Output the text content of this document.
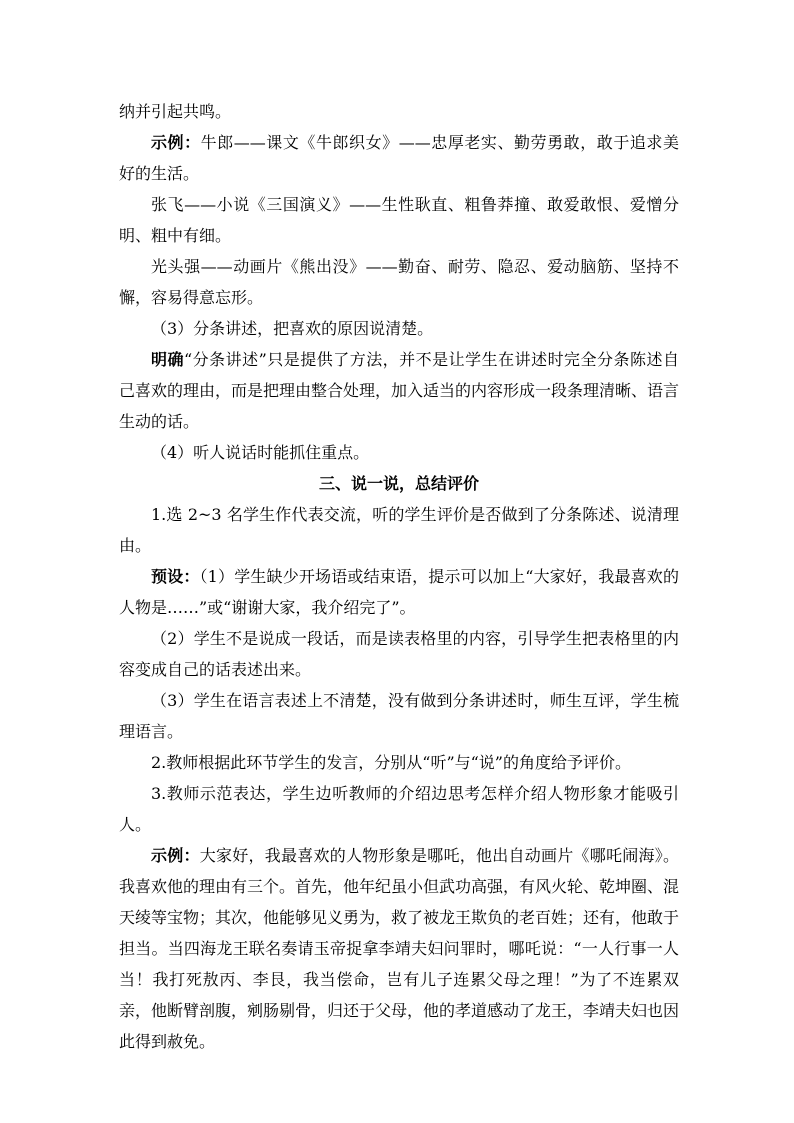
纳并引起共鸣。

示例：牛郎——课文《牛郎织女》——忠厚老实、勤劳勇敢，敢于追求美好的生活。

张飞——小说《三国演义》——生性耿直、粗鲁莽撞、敢爱敢恨、爱憎分明、粗中有细。

光头强——动画片《熊出没》——勤奋、耐劳、隐忍、爱动脑筋、坚持不懈，容易得意忘形。

（3）分条讲述，把喜欢的原因说清楚。

明确“分条讲述”只是提供了方法，并不是让学生在讲述时完全分条陈述自己喜欢的理由，而是把理由整合处理，加入适当的内容形成一段条理清晰、语言生动的话。

（4）听人说话时能抓住重点。

三、说一说，总结评价

1.选 2~3 名学生作代表交流，听的学生评价是否做到了分条陈述、说清理由。

预设：（1）学生缺少开场语或结束语，提示可以加上“大家好，我最喜欢的人物是……”或“谢谢大家，我介绍完了”。

（2）学生不是说成一段话，而是读表格里的内容，引导学生把表格里的内容变成自己的话表述出来。

（3）学生在语言表述上不清楚，没有做到分条讲述时，师生互评，学生梳理语言。

2.教师根据此环节学生的发言，分别从“听”与“说”的角度给予评价。

3.教师示范表达，学生边听教师的介绍边思考怎样介绍人物形象才能吸引人。

示例：大家好，我最喜欢的人物形象是哪吒，他出自动画片《哪吒闹海》。我喜欢他的理由有三个。首先，他年纪虽小但武功高强，有风火轮、乾坤圈、混天绫等宝物；其次，他能够见义勇为，救了被龙王欺负的老百姓；还有，他敢于担当。当四海龙王联名奏请玉帝捉拿李靖夫妇问罪时，哪吒说：“一人行事一人当！我打死敖丙、李艮，我当偿命，岂有儿子连累父母之理！”为了不连累双亲，他断臂剖腹，剜肠剔骨，归还于父母，他的孝道感动了龙王，李靖夫妇也因此得到赦免。
